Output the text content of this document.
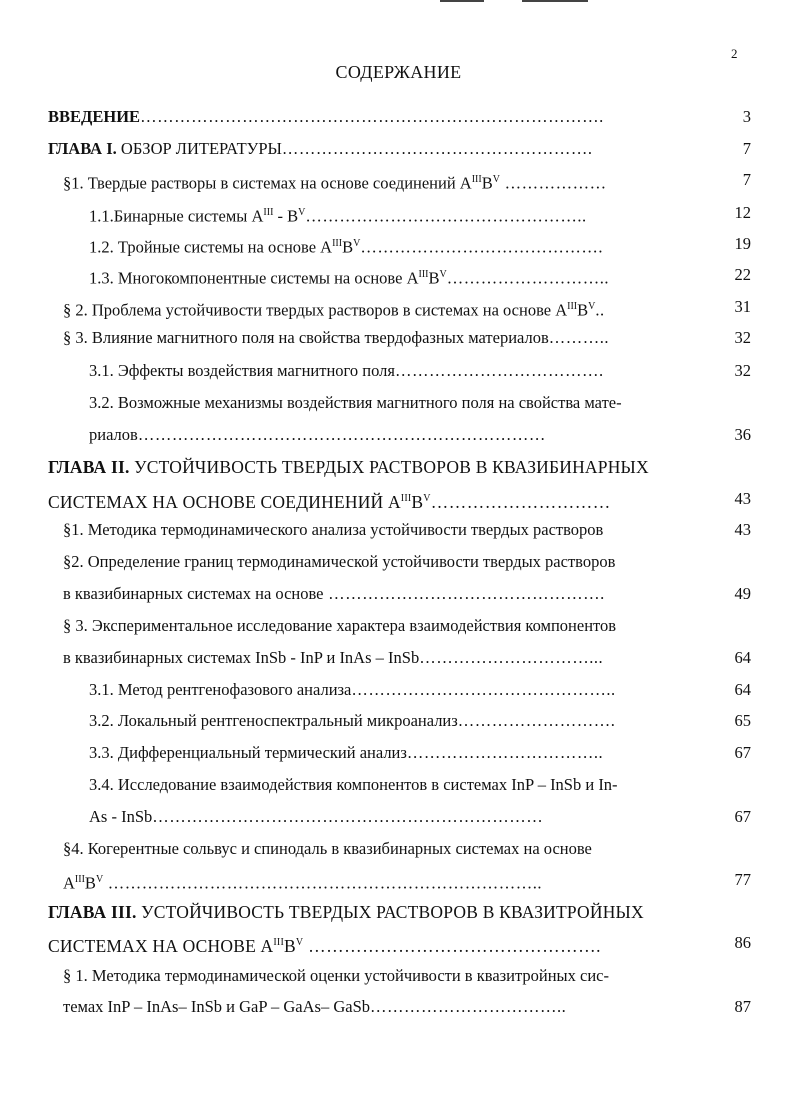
2
СОДЕРЖАНИЕ
ВВЕДЕНИЕ……………………………………………………………………….	3
ГЛАВА I. ОБЗОР ЛИТЕРАТУРЫ……………………………………………….	7
§1. Твердые растворы в системах на основе соединений $A^{III}B^V$ ………………	7
1.1.Бинарные системы $A^{III}$ - $B^V\dots\dots\dots\dots\dots\dots\dots\dots\dots\dots\dots\dots\dots\dots\dots\dots$..	12
1.2. Тройные системы на основе $A^{III}B^V\dots\dots\dots\dots\dots\dots\dots\dots\dots\dots\dots\dots\dots\dots$.	19
1.3. Многокомпонентные системы на основе $A^{III}B^V\dots\dots\dots\dots\dots\dots\dots\dots\dots$..	22
§ 2. Проблема устойчивости твердых растворов в системах на основе $A^{III}B^V$..	31
§ 3. Влияние магнитного поля на свойства твердофазных материалов………..	32
3.1. Эффекты воздействия магнитного поля……………………………….	32
3.2. Возможные механизмы воздействия магнитного поля на свойства мате-
риалов………………………………………………………………	36
ГЛАВА II. УСТОЙЧИВОСТЬ ТВЕРДЫХ РАСТВОРОВ В КВАЗИБИНАРНЫХ
СИСТЕМАХ НА ОСНОВЕ СОЕДИНЕНИЙ $A^{III}B^V\dots\dots\dots\dots\dots\dots\dots\dots\dots\dots$	43
§1. Методика термодинамического анализа устойчивости твердых растворов	43
§2. Определение границ термодинамической устойчивости твердых растворов
в квазибинарных системах на основе ………………………………………….	49
§ 3. Экспериментальное исследование характера взаимодействия компонентов
в квазибинарных системах InSb - InP и InAs – InSb…………………………...	64
3.1. Метод рентгенофазового анализа………………………………………..	64
3.2. Локальный рентгеноспектральный микроанализ……………………….	65
3.3. Дифференциальный термический анализ……………………………..	67
3.4. Исследование взаимодействия компонентов в системах InP – InSb и In-
As - InSb……………………………………………………………	67
§4. Когерентные сольвус и спинодаль в квазибинарных системах на основе
$A^{III}B^V$ …………………………………………………………………..	77
ГЛАВА III. УСТОЙЧИВОСТЬ ТВЕРДЫХ РАСТВОРОВ В КВАЗИТРОЙНЫХ
СИСТЕМАХ НА ОСНОВЕ $A^{III}B^V$ ………………………………………….	86
§ 1. Методика термодинамической оценки устойчивости в квазитройных сис-
темах InP – InAs– InSb и GaP – GaAs– GaSb……………………………..	87
